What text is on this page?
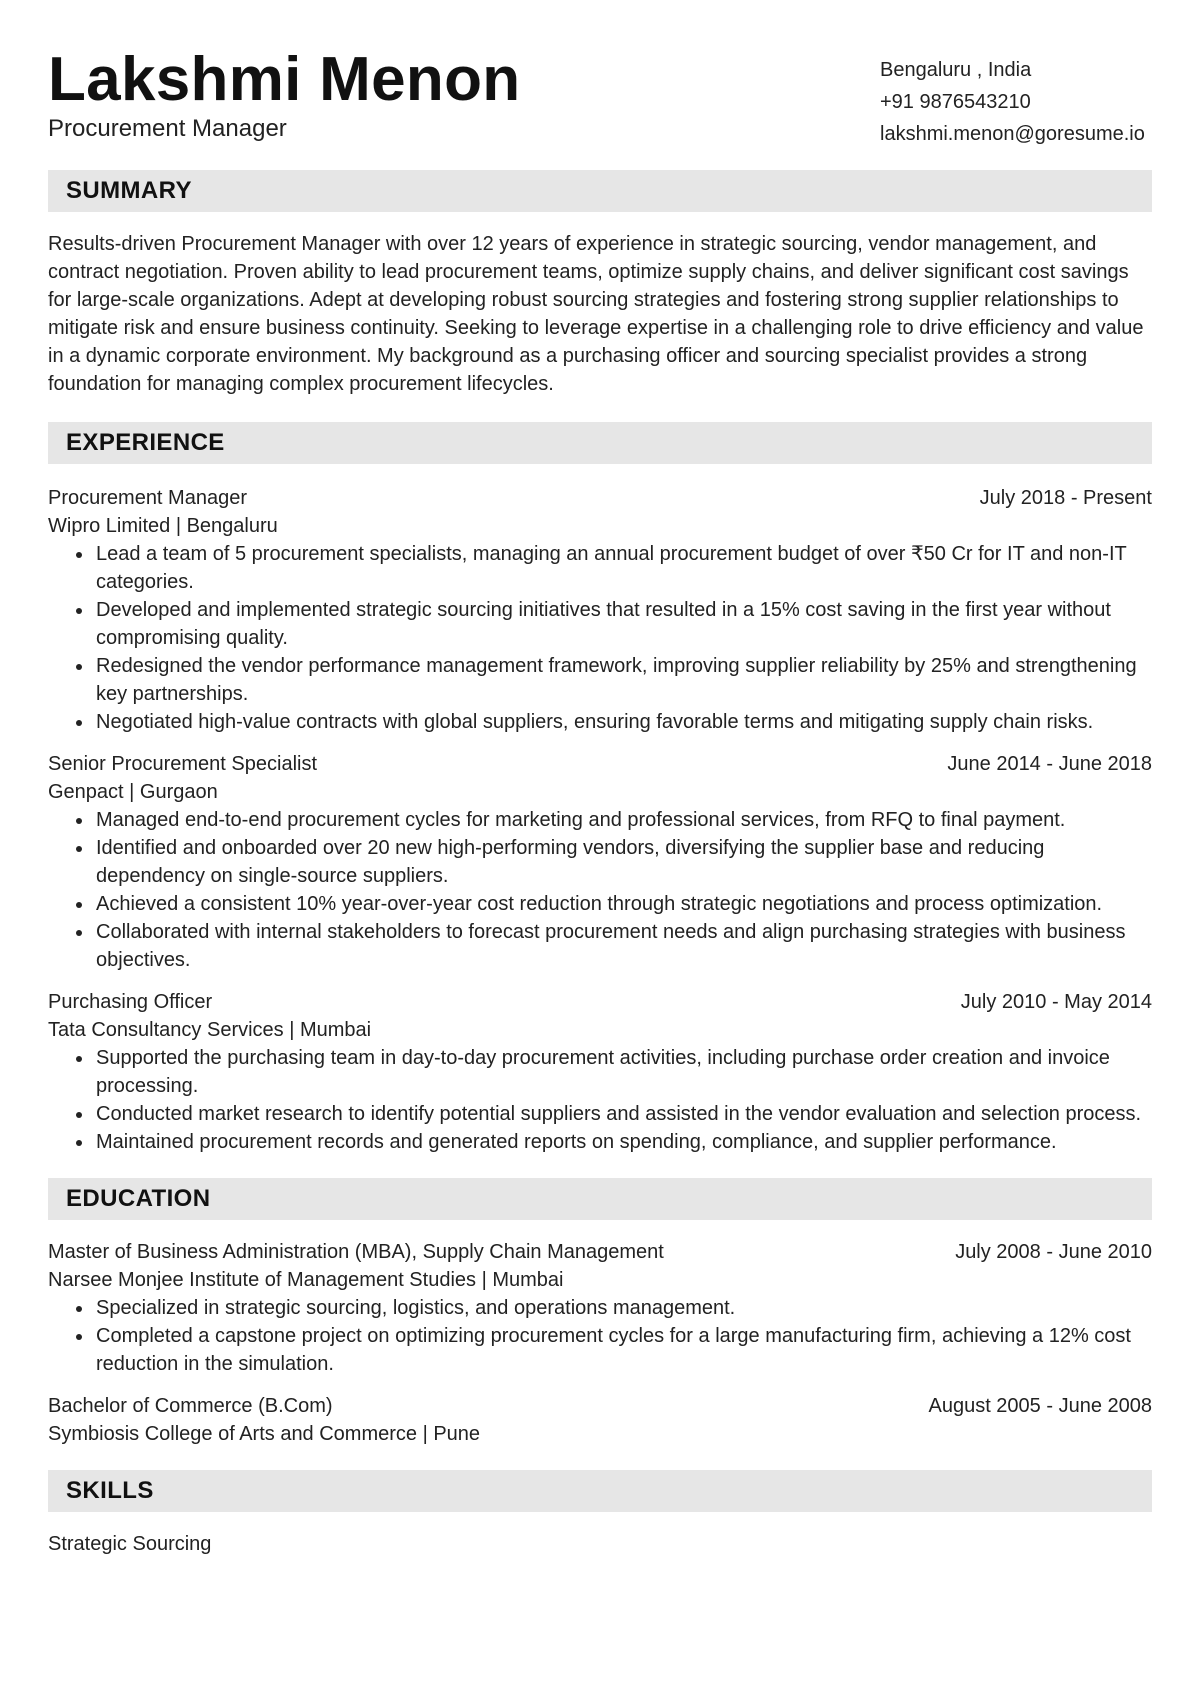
Lakshmi Menon
Procurement Manager
Bengaluru , India
+91 9876543210
lakshmi.menon@goresume.io
SUMMARY

Results-driven Procurement Manager with over 12 years of experience in strategic sourcing, vendor management, and contract negotiation. Proven ability to lead procurement teams, optimize supply chains, and deliver significant cost savings for large-scale organizations. Adept at developing robust sourcing strategies and fostering strong supplier relationships to mitigate risk and ensure business continuity. Seeking to leverage expertise in a challenging role to drive efficiency and value in a dynamic corporate environment. My background as a purchasing officer and sourcing specialist provides a strong foundation for managing complex procurement lifecycles.

EXPERIENCE
Procurement Manager	July 2018 - Present
Wipro Limited | Bengaluru
• Lead a team of 5 procurement specialists, managing an annual procurement budget of over ₹50 Cr for IT and non-IT categories.
• Developed and implemented strategic sourcing initiatives that resulted in a 15% cost saving in the first year without compromising quality.
• Redesigned the vendor performance management framework, improving supplier reliability by 25% and strengthening key partnerships.
• Negotiated high-value contracts with global suppliers, ensuring favorable terms and mitigating supply chain risks.
Senior Procurement Specialist	June 2014 - June 2018
Genpact | Gurgaon
• Managed end-to-end procurement cycles for marketing and professional services, from RFQ to final payment.
• Identified and onboarded over 20 new high-performing vendors, diversifying the supplier base and reducing dependency on single-source suppliers.
• Achieved a consistent 10% year-over-year cost reduction through strategic negotiations and process optimization.
• Collaborated with internal stakeholders to forecast procurement needs and align purchasing strategies with business objectives.
Purchasing Officer	July 2010 - May 2014
Tata Consultancy Services | Mumbai
• Supported the purchasing team in day-to-day procurement activities, including purchase order creation and invoice processing.
• Conducted market research to identify potential suppliers and assisted in the vendor evaluation and selection process.
• Maintained procurement records and generated reports on spending, compliance, and supplier performance.
EDUCATION
Master of Business Administration (MBA), Supply Chain Management	July 2008 - June 2010
Narsee Monjee Institute of Management Studies | Mumbai
• Specialized in strategic sourcing, logistics, and operations management.
• Completed a capstone project on optimizing procurement cycles for a large manufacturing firm, achieving a 12% cost reduction in the simulation.
Bachelor of Commerce (B.Com)	August 2005 - June 2008
Symbiosis College of Arts and Commerce | Pune
SKILLS
Strategic Sourcing
